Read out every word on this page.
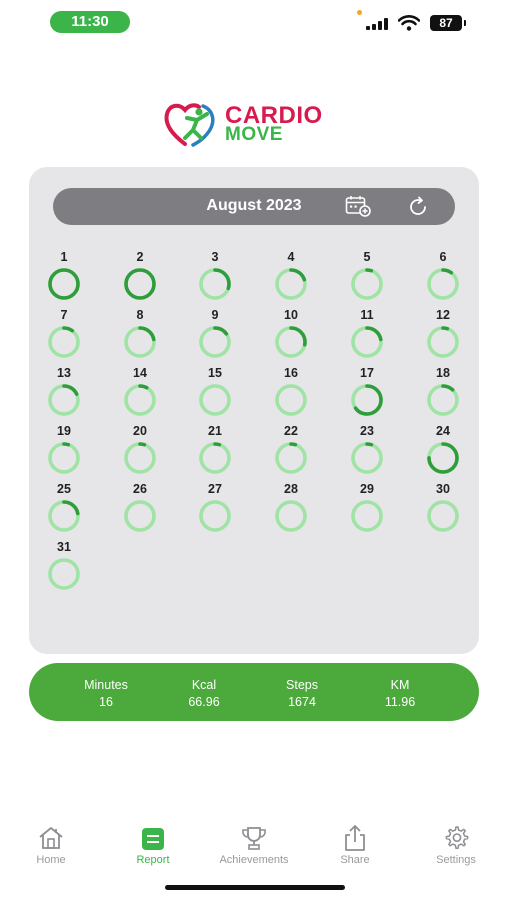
11:30	87
CARDIO
MOVE
August 2023
1	2	3	4	5	6
7	8	9	10	11	12
13	14	15	16	17	18
19	20	21	22	23	24
25	26	27	28	29	30
31
Minutes
16
Kcal
66.96
Steps
1674
KM
11.96
Home	Report	Achievements	Share	Settings
